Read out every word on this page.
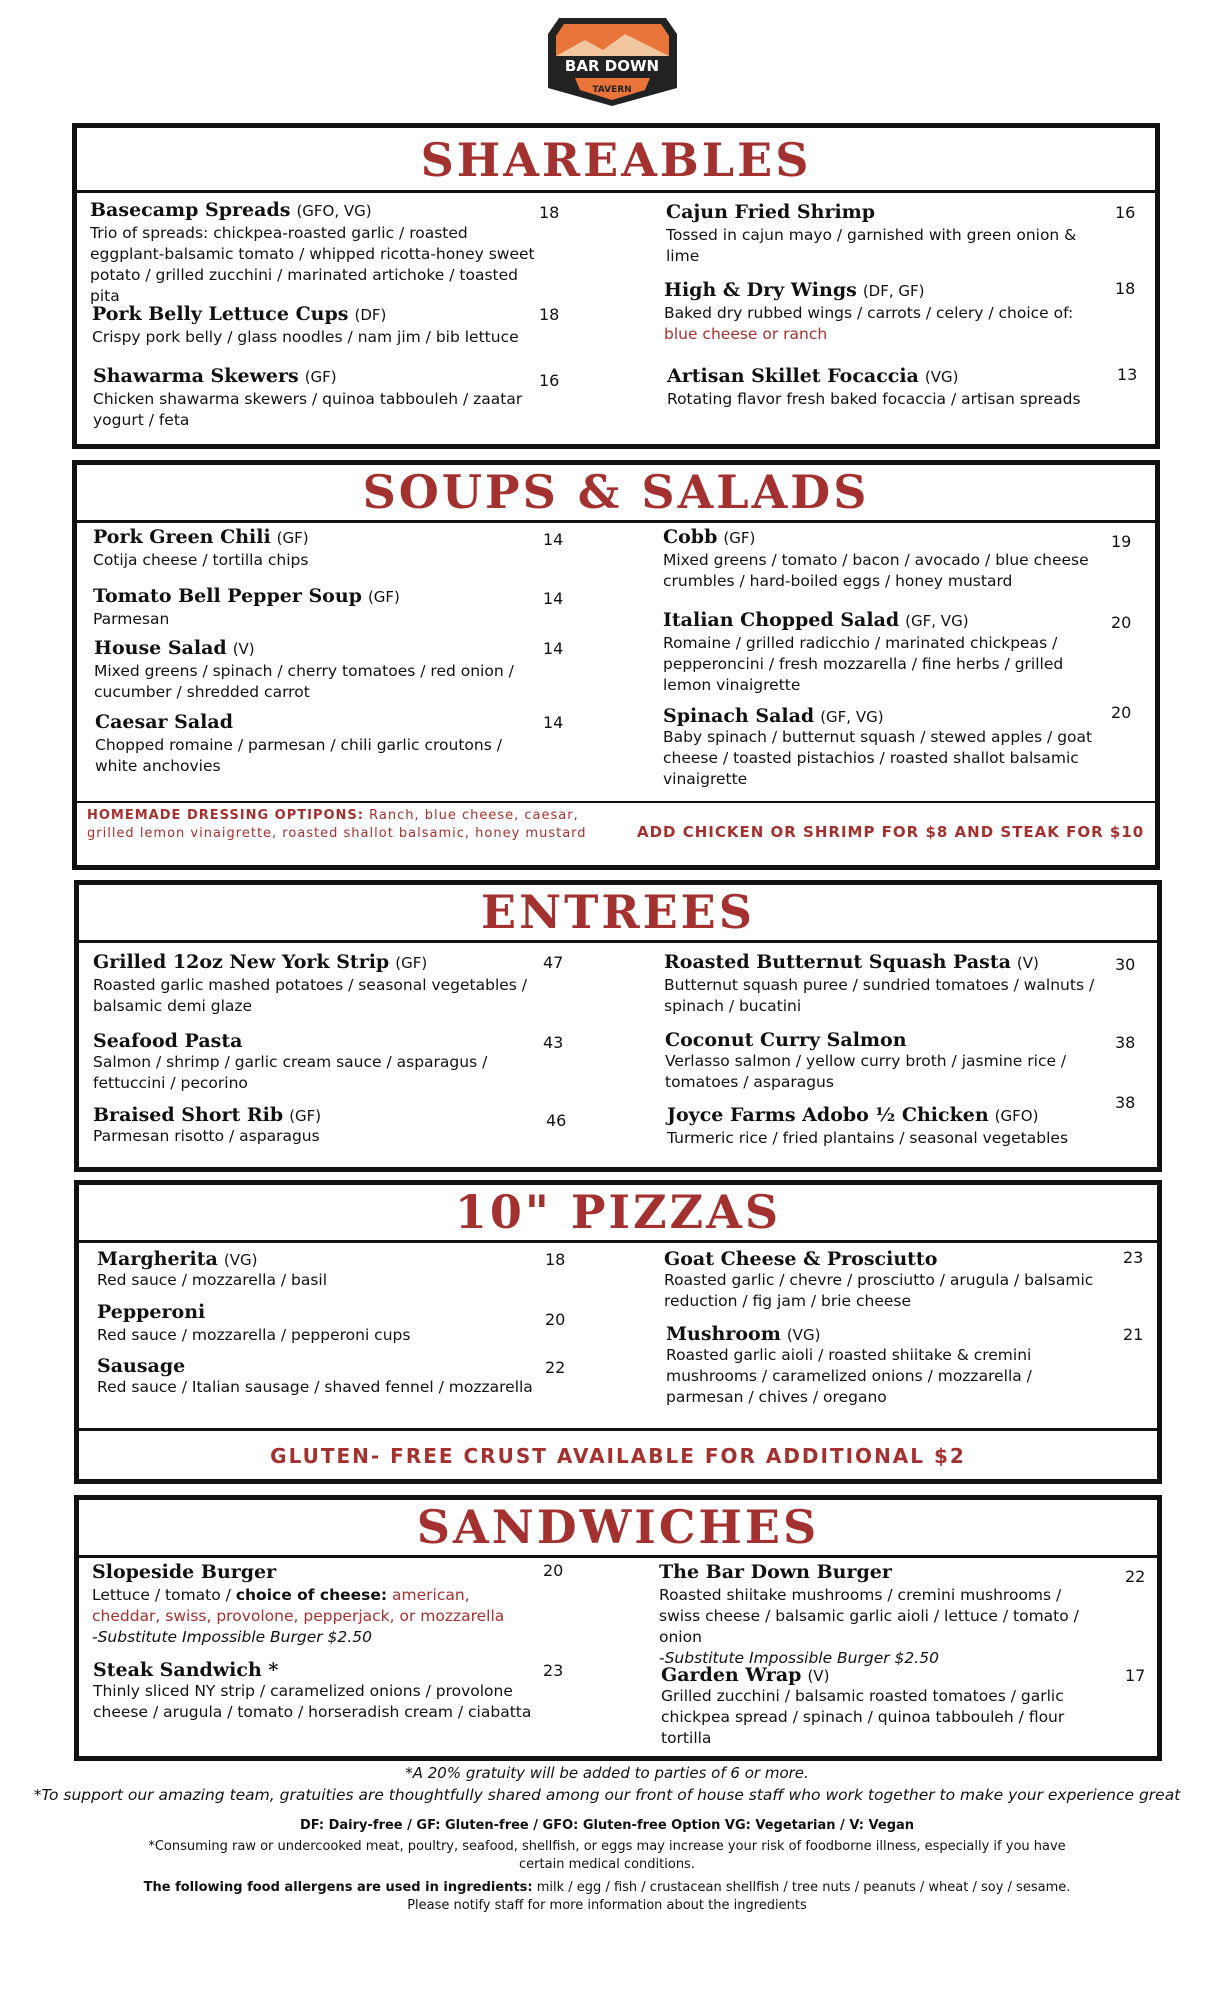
BAR DOWN
TAVERN
SHAREABLES
Basecamp Spreads (GFO, VG)
Trio of spreads: chickpea-roasted garlic / roasted eggplant-balsamic tomato / whipped ricotta-honey sweet potato / grilled zucchini / marinated artichoke / toasted pita
18
Pork Belly Lettuce Cups (DF)
Crispy pork belly / glass noodles / nam jim / bib lettuce
18
Shawarma Skewers (GF)
Chicken shawarma skewers / quinoa tabbouleh / zaatar yogurt / feta
16
Cajun Fried Shrimp
Tossed in cajun mayo / garnished with green onion & lime
16
High & Dry Wings (DF, GF)
Baked dry rubbed wings / carrots / celery / choice of:
blue cheese or ranch
18
Artisan Skillet Focaccia (VG)
Rotating flavor fresh baked focaccia / artisan spreads
13
SOUPS & SALADS
Pork Green Chili (GF)
Cotija cheese / tortilla chips
14
Tomato Bell Pepper Soup (GF)
Parmesan
14
House Salad (V)
Mixed greens / spinach / cherry tomatoes / red onion / cucumber / shredded carrot
14
Caesar Salad
Chopped romaine / parmesan / chili garlic croutons / white anchovies
14
Cobb (GF)
Mixed greens / tomato / bacon / avocado / blue cheese crumbles / hard-boiled eggs / honey mustard
19
Italian Chopped Salad (GF, VG)
Romaine / grilled radicchio / marinated chickpeas / pepperoncini / fresh mozzarella / fine herbs / grilled lemon vinaigrette
20
Spinach Salad (GF, VG)
Baby spinach / butternut squash / stewed apples / goat cheese / toasted pistachios / roasted shallot balsamic vinaigrette
20
HOMEMADE DRESSING OPTIPONS: Ranch, blue cheese, caesar, grilled lemon vinaigrette, roasted shallot balsamic, honey mustard	ADD CHICKEN OR SHRIMP FOR $8 AND STEAK FOR $10
ENTREES
Grilled 12oz New York Strip (GF)
Roasted garlic mashed potatoes / seasonal vegetables / balsamic demi glaze
47
Seafood Pasta
Salmon / shrimp / garlic cream sauce / asparagus / fettuccini / pecorino
43
Braised Short Rib (GF)
Parmesan risotto / asparagus
46
Roasted Butternut Squash Pasta (V)
Butternut squash puree / sundried tomatoes / walnuts / spinach / bucatini
30
Coconut Curry Salmon
Verlasso salmon / yellow curry broth / jasmine rice / tomatoes / asparagus
38
Joyce Farms Adobo ½ Chicken (GFO)
Turmeric rice / fried plantains / seasonal vegetables
38
10" PIZZAS
Margherita (VG)
Red sauce / mozzarella / basil
18
Pepperoni
Red sauce / mozzarella / pepperoni cups
20
Sausage
Red sauce / Italian sausage / shaved fennel / mozzarella
22
Goat Cheese & Prosciutto
Roasted garlic / chevre / prosciutto / arugula / balsamic reduction / fig jam / brie cheese
23
Mushroom (VG)
Roasted garlic aioli / roasted shiitake & cremini mushrooms / caramelized onions / mozzarella / parmesan / chives / oregano
21
GLUTEN- FREE CRUST AVAILABLE FOR ADDITIONAL $2
SANDWICHES
Slopeside Burger
Lettuce / tomato / choice of cheese: american, cheddar, swiss, provolone, pepperjack, or mozzarella
-Substitute Impossible Burger $2.50
20
Steak Sandwich *
Thinly sliced NY strip / caramelized onions / provolone cheese / arugula / tomato / horseradish cream / ciabatta
23
The Bar Down Burger
Roasted shiitake mushrooms / cremini mushrooms / swiss cheese / balsamic garlic aioli / lettuce / tomato / onion
-Substitute Impossible Burger $2.50
22
Garden Wrap (V)
Grilled zucchini / balsamic roasted tomatoes / garlic chickpea spread / spinach / quinoa tabbouleh / flour tortilla
17
*A 20% gratuity will be added to parties of 6 or more.
*To support our amazing team, gratuities are thoughtfully shared among our front of house staff who work together to make your experience great
DF: Dairy-free / GF: Gluten-free / GFO: Gluten-free Option VG: Vegetarian / V: Vegan
*Consuming raw or undercooked meat, poultry, seafood, shellfish, or eggs may increase your risk of foodborne illness, especially if you have certain medical conditions.
The following food allergens are used in ingredients: milk / egg / fish / crustacean shellfish / tree nuts / peanuts / wheat / soy / sesame. Please notify staff for more information about the ingredients
